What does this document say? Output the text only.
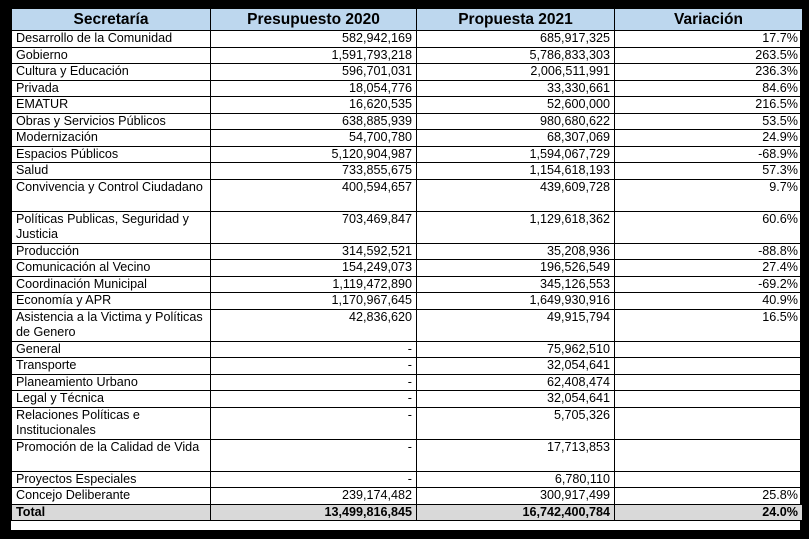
Secretaría	Presupuesto 2020	Propuesta 2021	Variación
Desarrollo de la Comunidad	582,942,169	685,917,325	17.7%
Gobierno	1,591,793,218	5,786,833,303	263.5%
Cultura y Educación	596,701,031	2,006,511,991	236.3%
Privada	18,054,776	33,330,661	84.6%
EMATUR	16,620,535	52,600,000	216.5%
Obras y Servicios Públicos	638,885,939	980,680,622	53.5%
Modernización	54,700,780	68,307,069	24.9%
Espacios Públicos	5,120,904,987	1,594,067,729	-68.9%
Salud	733,855,675	1,154,618,193	57.3%
Convivencia y Control Ciudadano	400,594,657	439,609,728	9.7%
Políticas Publicas, Seguridad y Justicia	703,469,847	1,129,618,362	60.6%
Producción	314,592,521	35,208,936	-88.8%
Comunicación al Vecino	154,249,073	196,526,549	27.4%
Coordinación Municipal	1,119,472,890	345,126,553	-69.2%
Economía y APR	1,170,967,645	1,649,930,916	40.9%
Asistencia a la Victima y Políticas de Genero	42,836,620	49,915,794	16.5%
General	-	75,962,510	
Transporte	-	32,054,641	
Planeamiento Urbano	-	62,408,474	
Legal y Técnica	-	32,054,641	
Relaciones Políticas e Institucionales	-	5,705,326	
Promoción de la Calidad de Vida	-	17,713,853	
Proyectos Especiales	-	6,780,110	
Concejo Deliberante	239,174,482	300,917,499	25.8%
Total	13,499,816,845	16,742,400,784	24.0%
